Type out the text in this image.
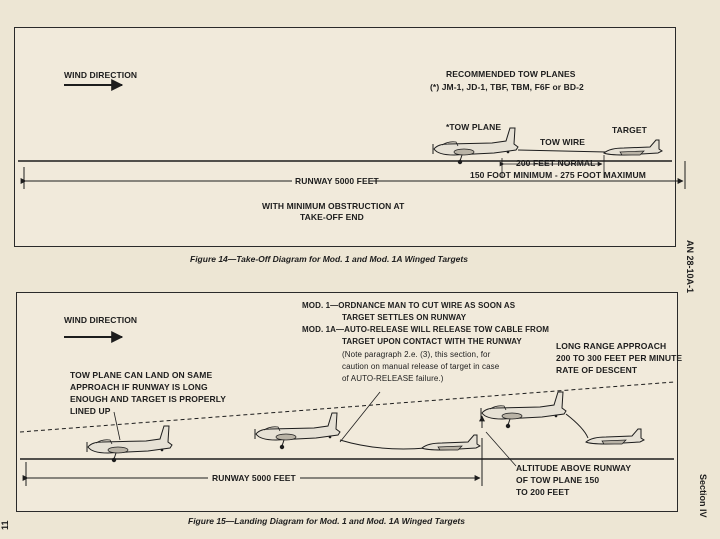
WIND DIRECTION	RECOMMENDED TOW PLANES
(*) JM-1, JD-1, TBF, TBM, F6F or BD-2
*TOW PLANE
TOW WIRE
TARGET
200 FEET NORMAL
150 FOOT MINIMUM - 275 FOOT MAXIMUM
RUNWAY 5000 FEET
WITH MINIMUM OBSTRUCTION AT
TAKE-OFF END
Figure 14—Take-Off Diagram for Mod. 1 and Mod. 1A Winged Targets
WIND DIRECTION
MOD. 1—ORDNANCE MAN TO CUT WIRE AS SOON AS
TARGET SETTLES ON RUNWAY
MOD. 1A—AUTO-RELEASE WILL RELEASE TOW CABLE FROM
TARGET UPON CONTACT WITH THE RUNWAY
(Note paragraph 2.e. (3), this section, for
caution on manual release of target in case
of AUTO-RELEASE failure.)
LONG RANGE APPROACH
200 TO 300 FEET PER MINUTE
RATE OF DESCENT
TOW PLANE CAN LAND ON SAME
APPROACH IF RUNWAY IS LONG
ENOUGH AND TARGET IS PROPERLY
LINED UP
RUNWAY 5000 FEET
ALTITUDE ABOVE RUNWAY
OF TOW PLANE 150
TO 200 FEET
Figure 15—Landing Diagram for Mod. 1 and Mod. 1A Winged Targets
AN 28-10A-1
Section IV
11
